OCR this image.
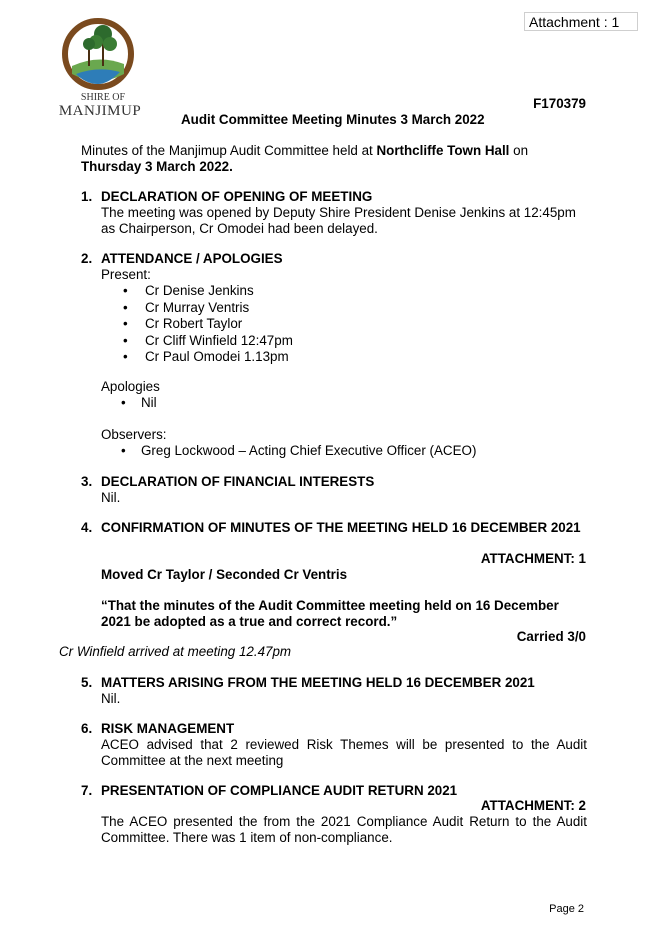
Attachment : 1
SHIRE OF
MANJIMUP	F170379
Audit Committee Meeting Minutes 3 March 2022
Minutes of the Manjimup Audit Committee held at Northcliffe Town Hall on Thursday 3 March 2022.
1. DECLARATION OF OPENING OF MEETING

The meeting was opened by Deputy Shire President Denise Jenkins at 12:45pm as Chairperson, Cr Omodei had been delayed.

2. ATTENDANCE / APOLOGIES

Present:

• Cr Denise Jenkins
• Cr Murray Ventris
• Cr Robert Taylor
• Cr Cliff Winfield 12:47pm
• Cr Paul Omodei 1.13pm

Apologies

• Nil

Observers:

• Greg Lockwood – Acting Chief Executive Officer (ACEO)
3. DECLARATION OF FINANCIAL INTERESTS

Nil.

4. CONFIRMATION OF MINUTES OF THE MEETING HELD 16 DECEMBER 2021

ATTACHMENT: 1
Moved Cr Taylor / Seconded Cr Ventris
“That the minutes of the Audit Committee meeting held on 16 December 2021 be adopted as a true and correct record.”
Carried 3/0
Cr Winfield arrived at meeting 12.47pm
5. MATTERS ARISING FROM THE MEETING HELD 16 DECEMBER 2021

Nil.

6. RISK MANAGEMENT

ACEO advised that 2 reviewed Risk Themes will be presented to the Audit Committee at the next meeting

7. PRESENTATION OF COMPLIANCE AUDIT RETURN 2021

ATTACHMENT: 2
The ACEO presented the from the 2021 Compliance Audit Return to the Audit Committee. There was 1 item of non-compliance.
Page 2
